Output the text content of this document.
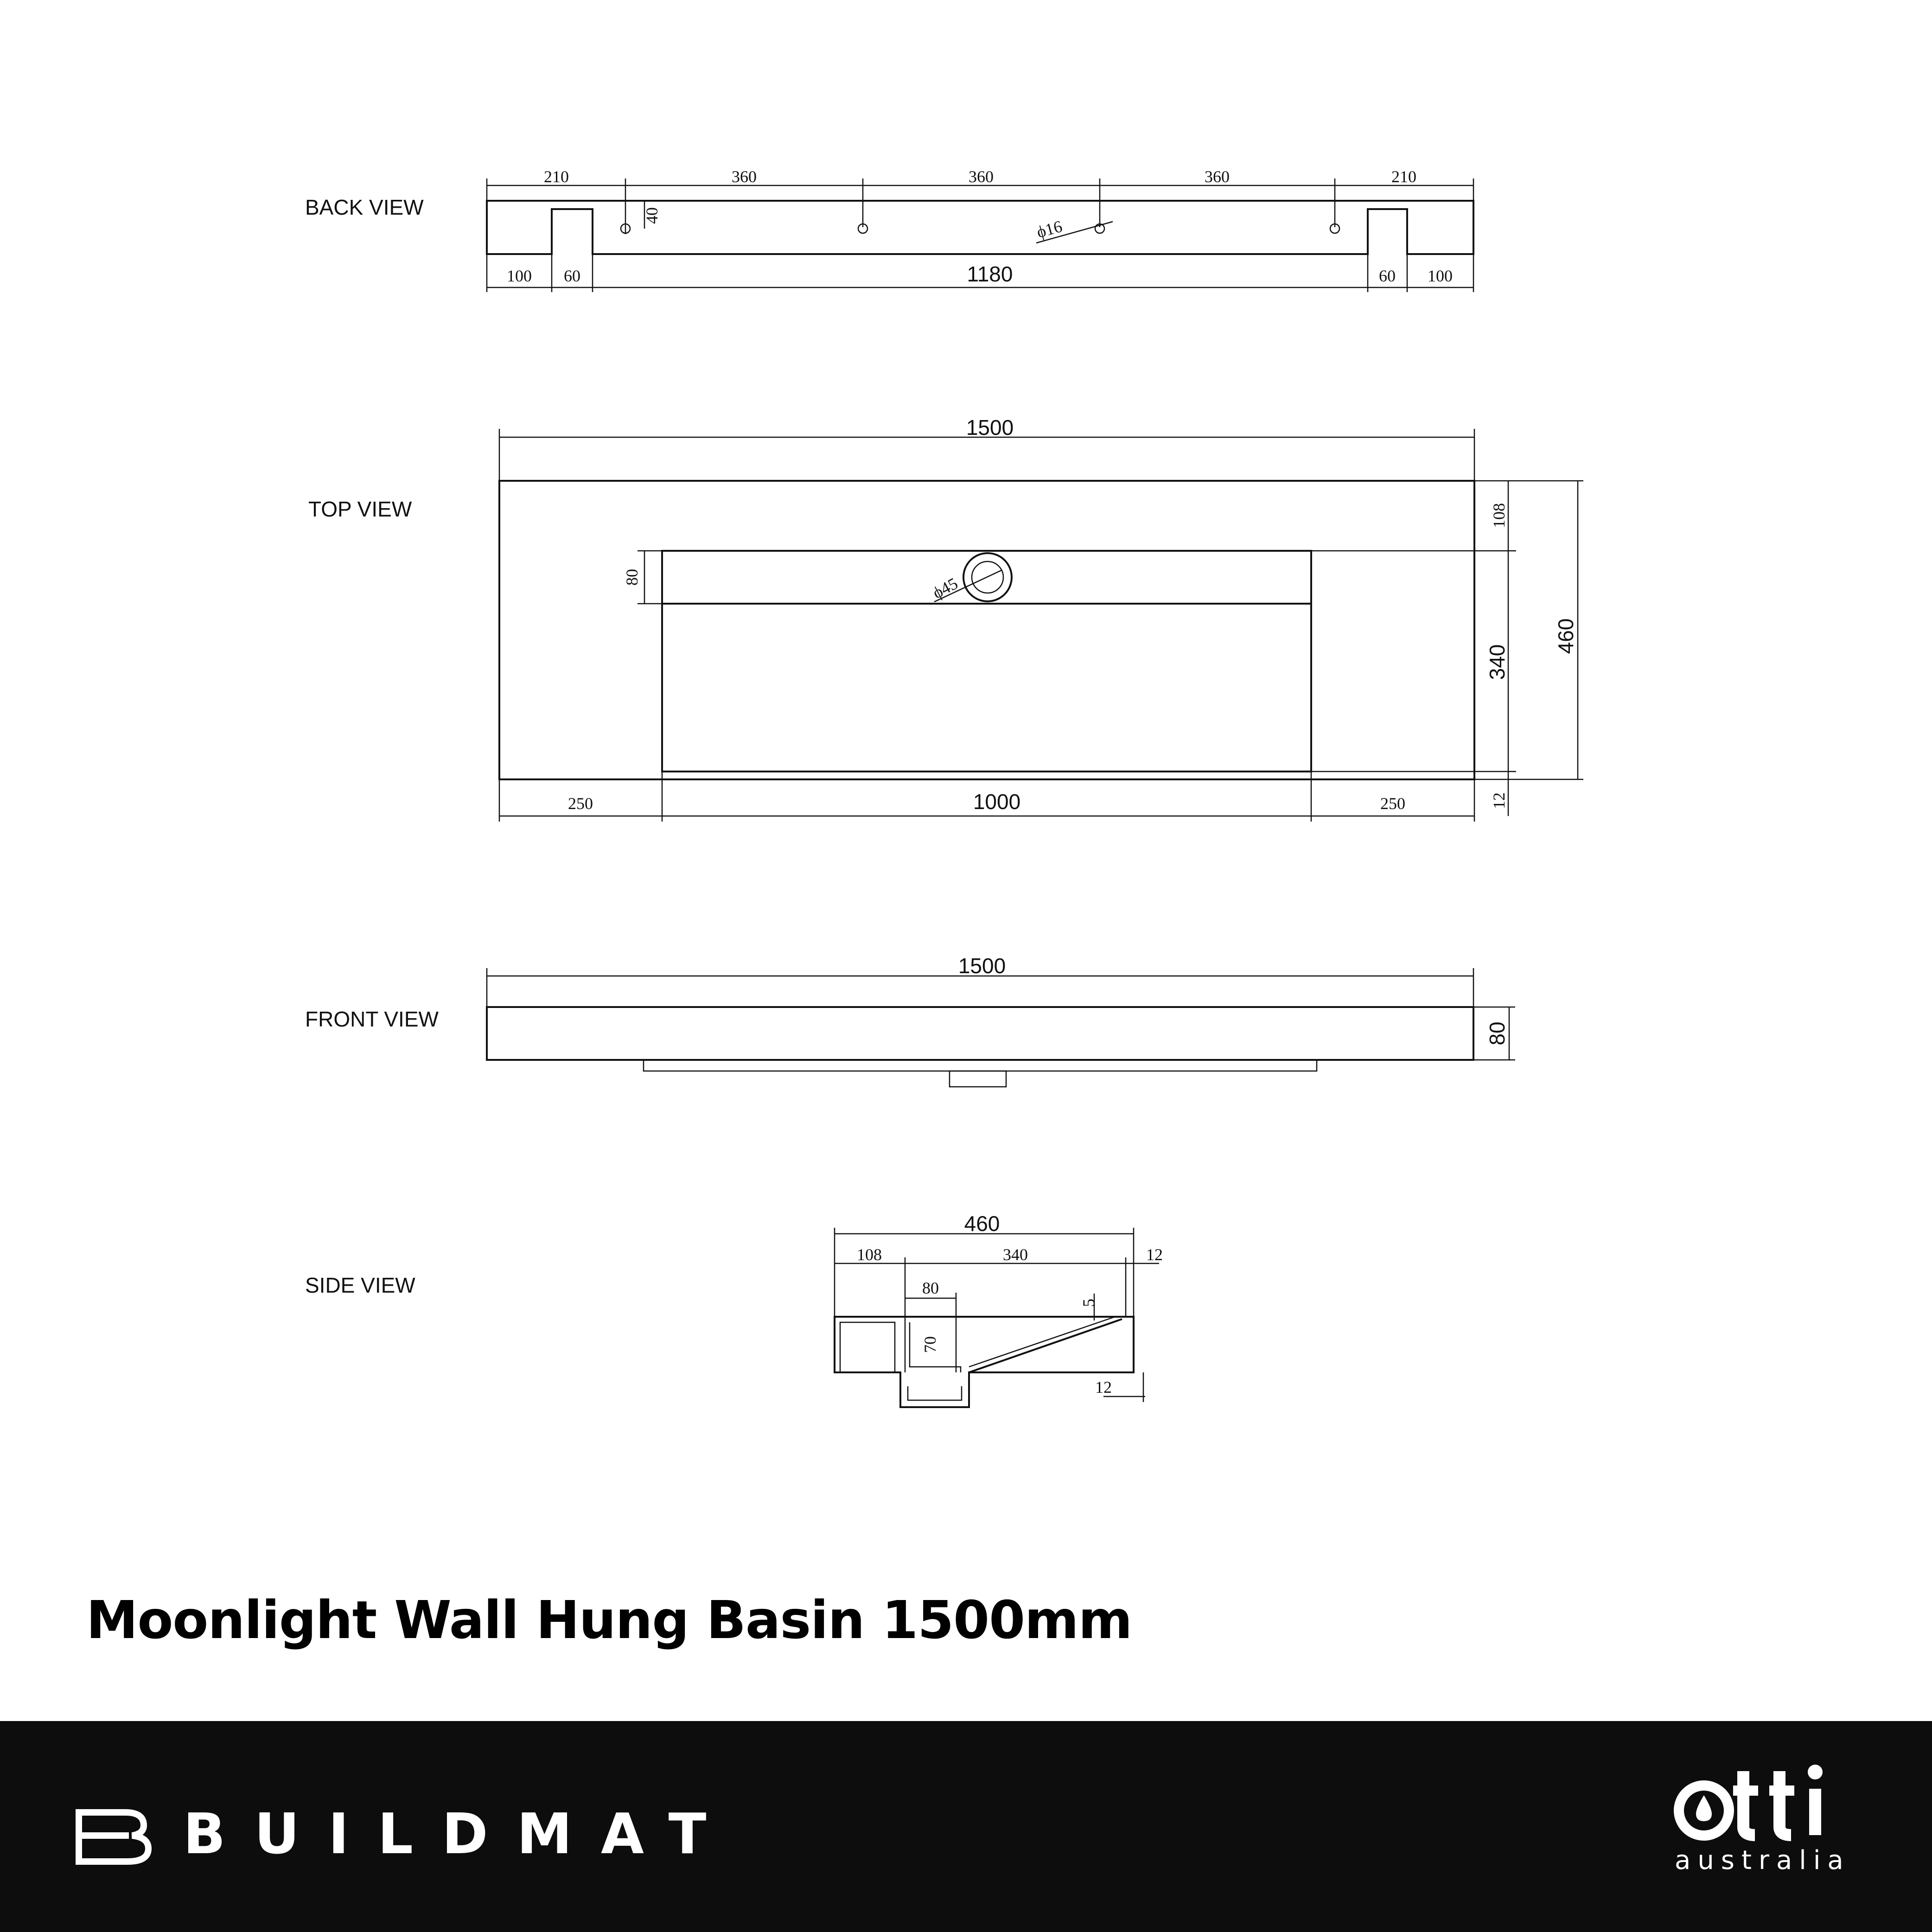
BACK VIEW
210	360	360	360	210
40
ϕ16
100 60	1180	60 100
TOP VIEW
1500
ϕ45
80
108
340
12
460
250	1000	250
FRONT VIEW
1500
80
SIDE VIEW
460
108	340	12
80
70
5
12
Moonlight Wall Hung Basin 1500mm
BUILDMAT	australia
